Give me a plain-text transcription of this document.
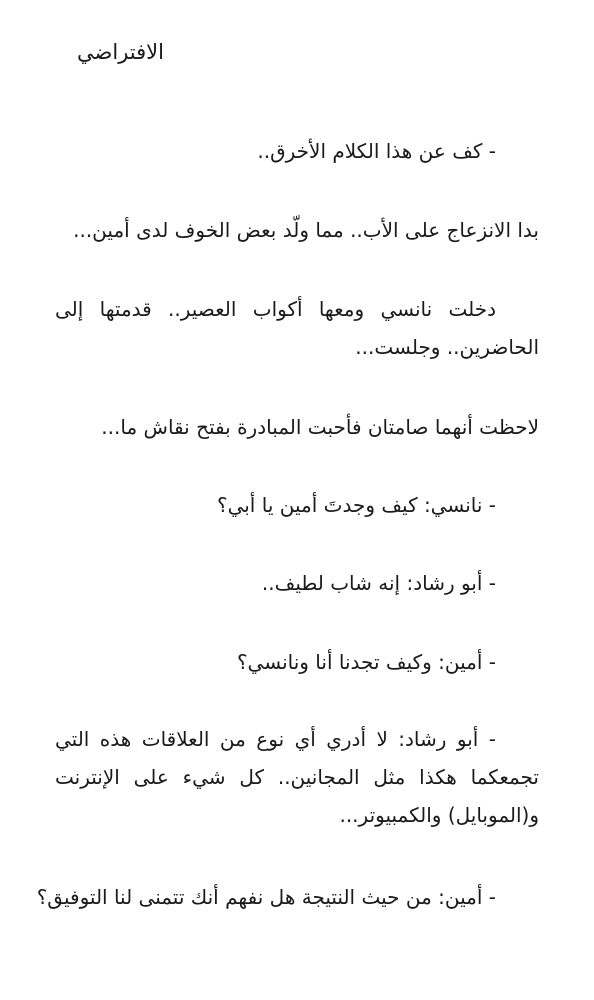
الافتراضي
- كف عن هذا الكلام الأخرق..
بدا الانزعاج على الأب.. مما ولّد بعض الخوف لدى أمين...
دخلت نانسي ومعها أكواب العصير.. قدمتها إلى الحاضرين.. وجلست...
لاحظت أنهما صامتان فأحبت المبادرة بفتح نقاش ما...
- نانسي: كيف وجدتَ أمين يا أبي؟
- أبو رشاد: إنه شاب لطيف..
- أمين: وكيف تجدنا أنا ونانسي؟
- أبو رشاد: لا أدري أي نوع من العلاقات هذه التي تجمعكما هكذا مثل المجانين.. كل شيء على الإنترنت و(الموبايل) والكمبيوتر...
- أمين: من حيث النتيجة هل نفهم أنك تتمنى لنا التوفيق؟
